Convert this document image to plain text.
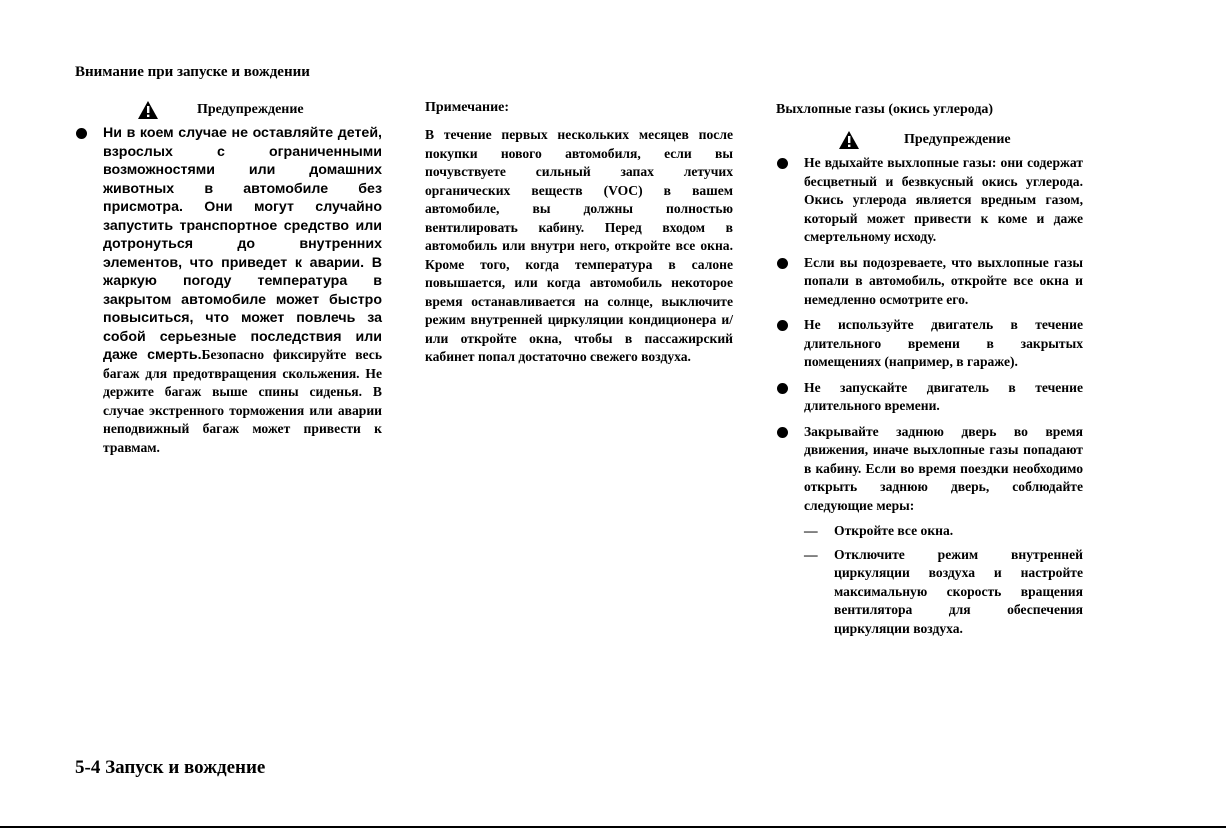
Внимание при запуске и вождении
Предупреждение
Ни в коем случае не оставляйте детей, взрослых с ограниченными возможностями или домашних животных в автомобиле без присмотра. Они могут случайно запустить транспортное средство или дотронуться до внутренних элементов, что приведет к аварии. В жаркую погоду температура в закрытом автомобиле может быстро повыситься, что может повлечь за собой серьезные последствия или даже смерть.Безопасно фиксируйте весь багаж для предотвращения скольжения. Не держите багаж выше спины сиденья. В случае экстренного торможения или аварии неподвижный багаж может привести к травмам.
Примечание:
В течение первых нескольких месяцев после покупки нового автомобиля, если вы почувствуете сильный запах летучих органических веществ (VOC) в вашем автомобиле, вы должны полностью вентилировать кабину. Перед входом в автомобиль или внутри него, откройте все окна. Кроме того, когда температура в салоне повышается, или когда автомобиль некоторое время останавливается на солнце, выключите режим внутренней циркуляции кондиционера и/или откройте окна, чтобы в пассажирский кабинет попал достаточно свежего воздуха.
Выхлопные газы (окись углерода)
Предупреждение
Не вдыхайте выхлопные газы: они содержат бесцветный и безвкусный окись углерода. Окись углерода является вредным газом, который может привести к коме и даже смертельному исходу.
Если вы подозреваете, что выхлопные газы попали в автомобиль, откройте все окна и немедленно осмотрите его.
Не используйте двигатель в течение длительного времени в закрытых помещениях (например, в гараже).
Не запускайте двигатель в течение длительного времени.
Закрывайте заднюю дверь во время движения, иначе выхлопные газы попадают в кабину. Если во время поездки необходимо открыть заднюю дверь, соблюдайте следующие меры:
— Откройте все окна.
— Отключите режим внутренней циркуляции воздуха и настройте максимальную скорость вращения вентилятора для обеспечения циркуляции воздуха.
5-4 Запуск и вождение
